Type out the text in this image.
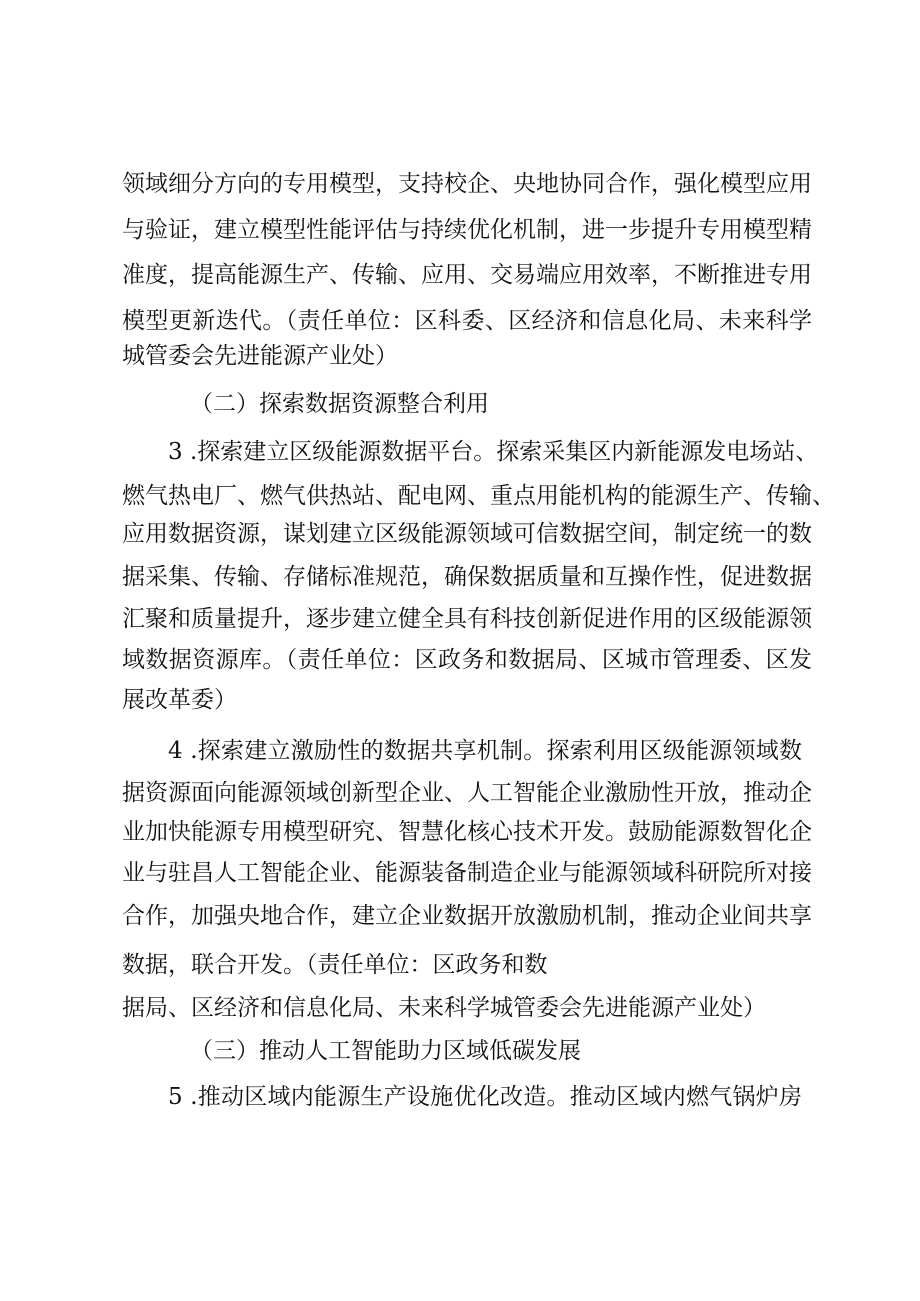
领域细分方向的专用模型，支持校企、央地协同合作，强化模型应用
与验证，建立模型性能评估与持续优化机制，进一步提升专用模型精
准度，提高能源生产、传输、应用、交易端应用效率，不断推进专用
模型更新迭代。（责任单位：区科委、区经济和信息化局、未来科学
城管委会先进能源产业处）
（二）探索数据资源整合利用
3 .探索建立区级能源数据平台。探索采集区内新能源发电场站、
燃气热电厂、燃气供热站、配电网、重点用能机构的能源生产、传输、
应用数据资源，谋划建立区级能源领域可信数据空间，制定统一的数
据采集、传输、存储标准规范，确保数据质量和互操作性，促进数据
汇聚和质量提升，逐步建立健全具有科技创新促进作用的区级能源领
域数据资源库。（责任单位：区政务和数据局、区城市管理委、区发
展改革委）
4 .探索建立激励性的数据共享机制。探索利用区级能源领域数
据资源面向能源领域创新型企业、人工智能企业激励性开放，推动企
业加快能源专用模型研究、智慧化核心技术开发。鼓励能源数智化企
业与驻昌人工智能企业、能源装备制造企业与能源领域科研院所对接
合作，加强央地合作，建立企业数据开放激励机制，推动企业间共享
数据，联合开发。（责任单位：区政务和数
据局、区经济和信息化局、未来科学城管委会先进能源产业处）
（三）推动人工智能助力区域低碳发展
5 .推动区域内能源生产设施优化改造。推动区域内燃气锅炉房
